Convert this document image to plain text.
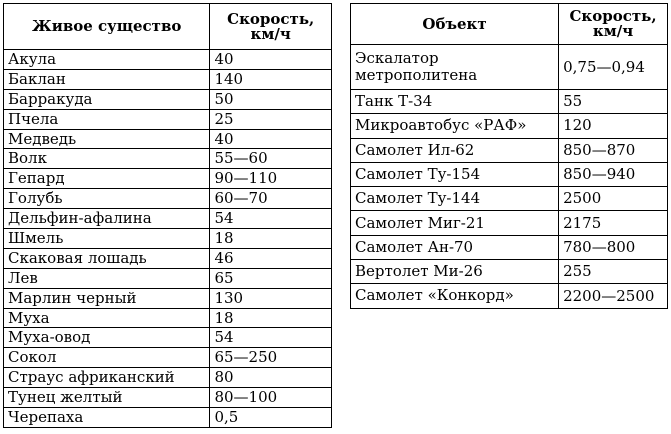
Живое существо	Скорость,
км/ч

Акула	40
Баклан	140
Барракуда	50
Пчела	25
Медведь	40
Волк	55—60
Гепард	90—110
Голубь	60—70
Дельфин-афалина	54
Шмель	18
Скаковая лошадь	46
Лев	65
Марлин черный	130
Муха	18
Муха-овод	54
Сокол	65—250
Страус африканский	80
Тунец желтый	80—100
Черепаха	0,5
Объект	Скорость,
км/ч

Эскалатор
метрополитена	0,75—0,94

Танк Т-34	55

Микроавтобус «РАФ»	120

Самолет Ил-62	850—870

Самолет Ту-154	850—940

Самолет Ту-144	2500

Самолет Миг-21	2175

Самолет Ан-70	780—800

Вертолет Ми-26	255

Самолет «Конкорд»	2200—2500
